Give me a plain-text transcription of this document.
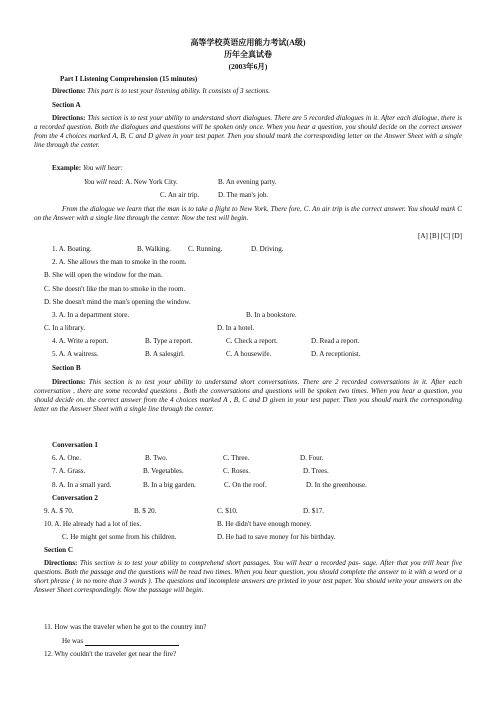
高等学校英语应用能力考试(A级)
历年全真试卷
(2003年6月)
Part I Listening Comprehension (15 minutes)
Directions: This part is to test your listening ability. It consists of 3 sections.
Section A
Directions: This section is to test your ability to understand short dialogues. There are 5 recorded dialogues in it. After each dialogue, there is a recorded question. Both the dialogues and questions will be spoken only once. When you hear a question, you should decide on the correct answer from the 4 choices marked A, B, C and D given in your test paper. Then you should mark the corresponding letter on the Answer Sheet with a single line through the center.
Example: You will hear:
You will read: A. New York City.	B. An evening party.
C. An air trip.	D. The man's job.
From the dialogue we learn that the man is to take a flight to New York. There fore, C. An air trip is the correct answer. You should mark C on the Answer with a single line through the center. Now the test will begin.
[A] [B] [C] [D]
1. A. Boating.	B. Walking. C. Running.	D. Driving.
2. A. She allows the man to smoke in the room.
B. She will open the window for the man.
C. She doesn't like the man to smoke in the room.
D. She doesn't mind the man's opening the window.
3. A. In a department store.	B. In a bookstore.
C. In a library.	D. In a hotel.
4. A. Write a report.	B. Type a report.	C. Check a report.	D. Read a report.
5. A. A waitress.	B. A salesgirl.	C. A housewife.	D. A receptionist.
Section B
Directions: This section is to test your ability to understand short conversations. There are 2 recorded conversations in it. After each conversation , there are some recorded questions . Both the conversations and questions will be spoken two times. When you hear a question, you should decide on. the correct answer from the 4 choices marked A , B, C and D given in your test paper. Then you should mark the corresponding letter on the Answer Sheet with a single line through the center.
Conversation 1
6. A. One.	B. Two.	C. Three.	D. Four.
7. A. Grass.	B. Vegetables.	C. Roses.	D. Trees.
8. A. In a small yard.	B. In a big garden.	C. On the roof.	D. In the greenhouse.
Conversation 2
9. A. $ 70.	B. $ 20.	C. $10.	D. $17.
10. A. He already had a lot of ties.	B. He didn't have enough money.
C. He might get some from his children.	D. He had to save money for his birthday.
Section C
Directions: This section is to test your ability to comprehend short passages. You will hear a recorded pas- sage. After that you trill hear five questions. Both the passage and the questions will be read two times. When you hear question, you should complete the answer to it with a word or a short phrase ( in no more than 3 words ). The questions and incomplete answers are printed in your test paper. You should write your answers on the Answer Sheet correspondingly. Now the passage will begin.
11. How was the traveler when he got to the country inn?
He was __________________________.
12. Why couldn't the traveler get near the fire?
